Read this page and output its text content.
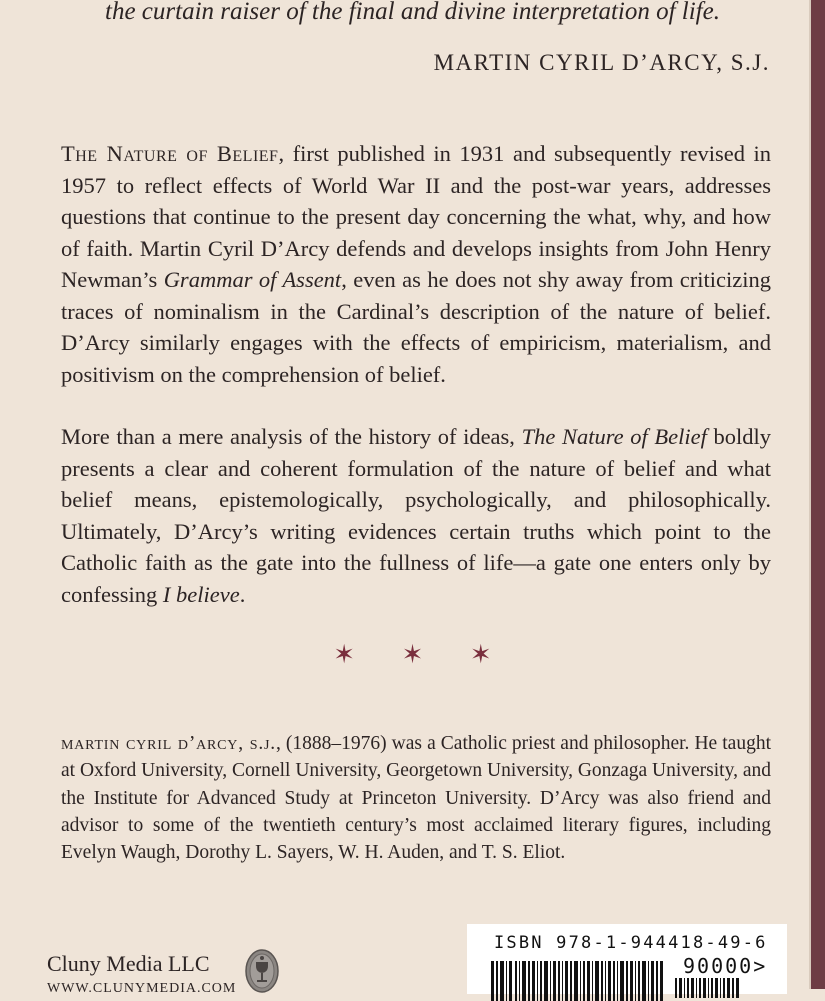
the curtain raiser of the final and divine interpretation of life.
MARTIN CYRIL D’ARCY, S.J.
The Nature of Belief, first published in 1931 and subsequently revised in 1957 to reflect effects of World War II and the post-war years, addresses questions that continue to the present day concerning the what, why, and how of faith. Martin Cyril D’Arcy defends and develops insights from John Henry Newman’s Grammar of Assent, even as he does not shy away from criticizing traces of nominalism in the Cardinal’s description of the nature of belief. D’Arcy similarly engages with the effects of empiricism, materialism, and positivism on the comprehension of belief.
More than a mere analysis of the history of ideas, The Nature of Belief boldly presents a clear and coherent formulation of the nature of belief and what belief means, epistemologically, psychologically, and philosophically. Ultimately, D’Arcy’s writing evidences certain truths which point to the Catholic faith as the gate into the fullness of life—a gate one enters only by confessing I believe.
✶ ✶ ✶
martin cyril d’arcy, s.j., (1888–1976) was a Catholic priest and philosopher. He taught at Oxford University, Cornell University, Georgetown University, Gonzaga University, and the Institute for Advanced Study at Princeton University. D’Arcy was also friend and advisor to some of the twentieth century’s most acclaimed literary figures, including Evelyn Waugh, Dorothy L. Sayers, W. H. Auden, and T. S. Eliot.
Cluny Media LLC
WWW.CLUNYMEDIA.COM
ISBN 978-1-944418-49-6
90000>
